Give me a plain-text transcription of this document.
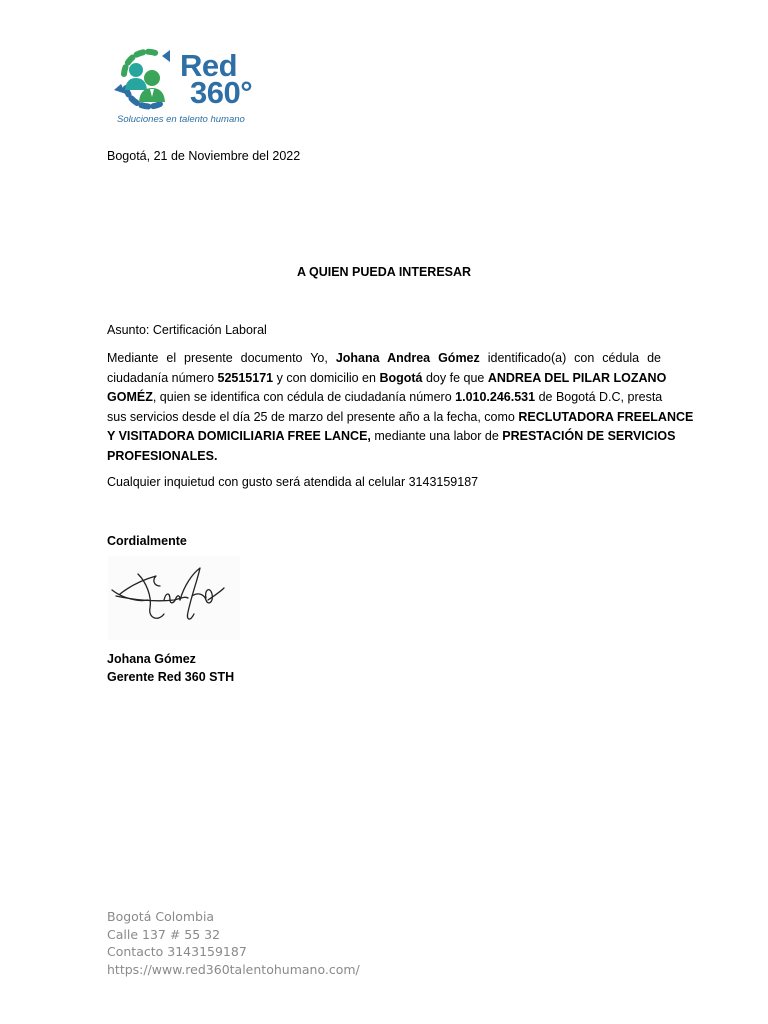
Red
360°
Soluciones en talento humano
Bogotá, 21 de Noviembre del 2022
A QUIEN PUEDA INTERESAR
Asunto: Certificación Laboral
Mediante el presente documento Yo, Johana Andrea Gómez identificado(a) con cédula de
ciudadanía número 52515171 y con domicilio en Bogotá doy fe que ANDREA DEL PILAR LOZANO
GOMÉZ, quien se identifica con cédula de ciudadanía número 1.010.246.531 de Bogotá D.C, presta
sus servicios desde el día 25 de marzo del presente año a la fecha, como RECLUTADORA FREELANCE
Y VISITADORA DOMICILIARIA FREE LANCE, mediante una labor de PRESTACIÓN DE SERVICIOS
PROFESIONALES.
Cualquier inquietud con gusto será atendida al celular 3143159187
Cordialmente
Johana Gómez
Gerente Red 360 STH
Bogotá Colombia
Calle 137 # 55 32
Contacto 3143159187
https://www.red360talentohumano.com/
